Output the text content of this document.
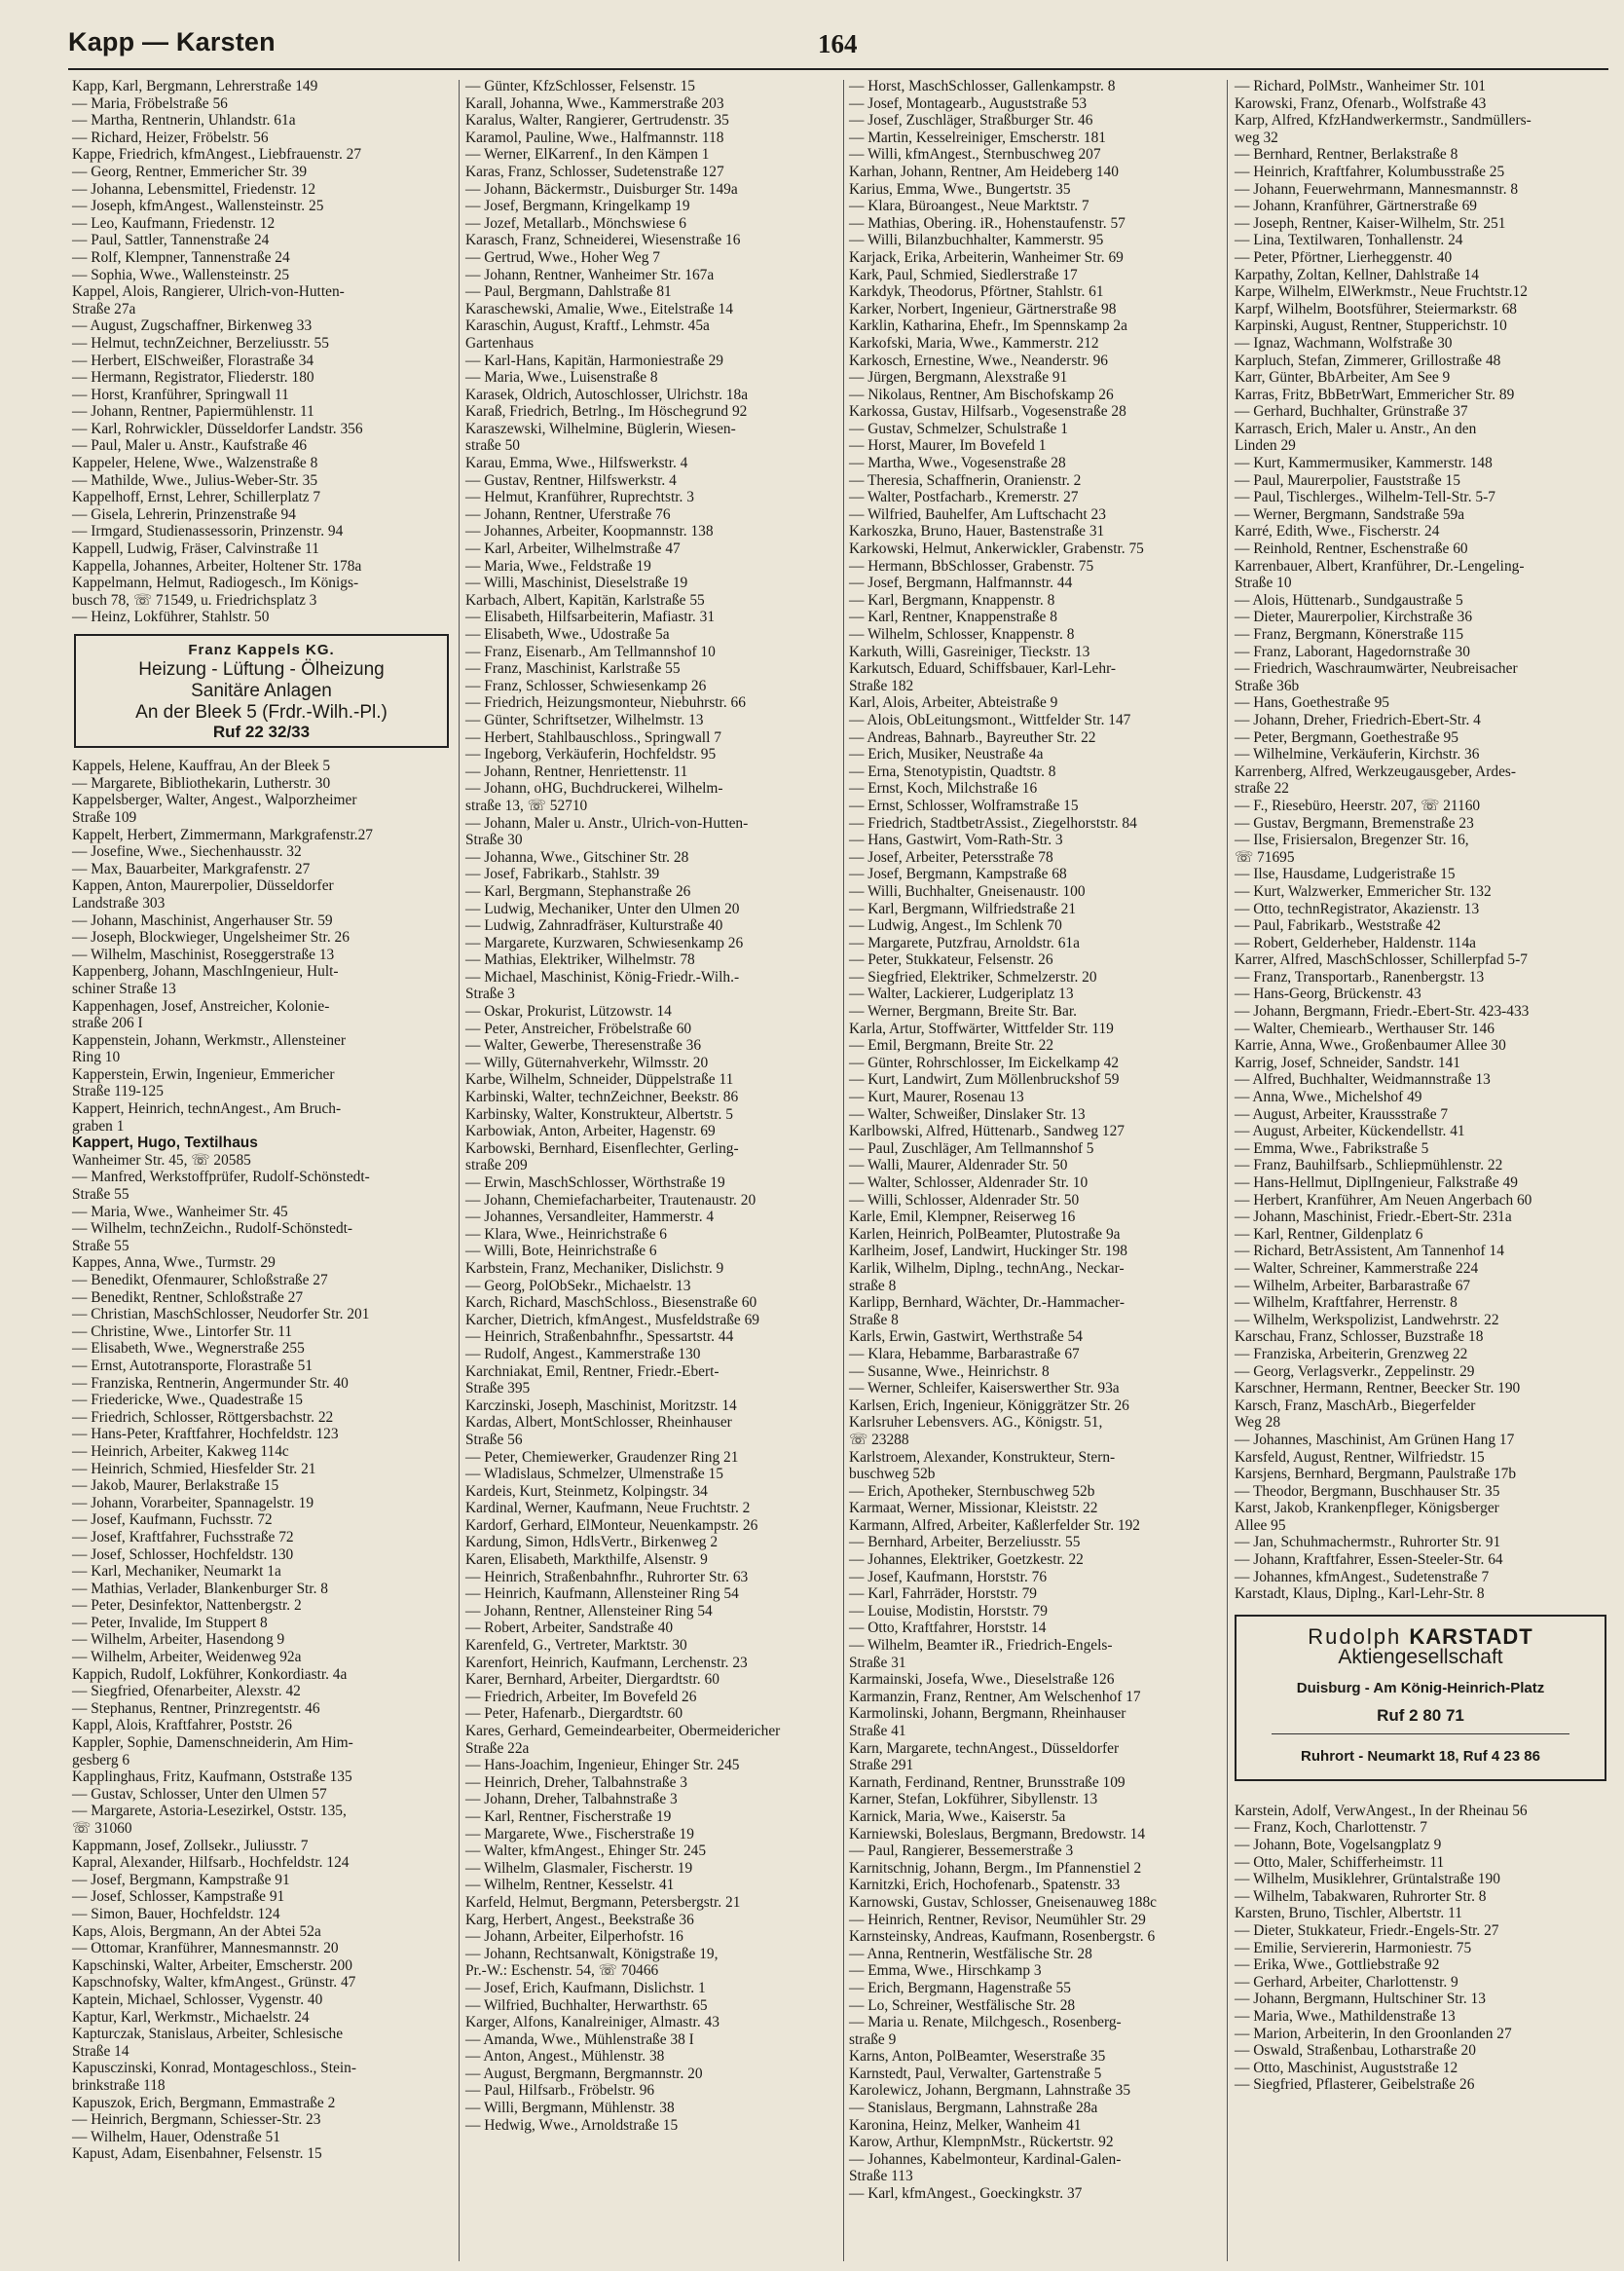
Kapp — Karsten	164
Kapp, Karl, Bergmann, Lehrerstraße 149
— Maria, Fröbelstraße 56
— Martha, Rentnerin, Uhlandstr. 61a
— Richard, Heizer, Fröbelstr. 56
Kappe, Friedrich, kfmAngest., Liebfrauenstr. 27
— Georg, Rentner, Emmericher Str. 39
— Johanna, Lebensmittel, Friedenstr. 12
— Joseph, kfmAngest., Wallensteinstr. 25
— Leo, Kaufmann, Friedenstr. 12
— Paul, Sattler, Tannenstraße 24
— Rolf, Klempner, Tannenstraße 24
— Sophia, Wwe., Wallensteinstr. 25
Kappel, Alois, Rangierer, Ulrich-von-Hutten-
Straße 27a
— August, Zugschaffner, Birkenweg 33
— Helmut, technZeichner, Berzeliusstr. 55
— Herbert, ElSchweißer, Florastraße 34
— Hermann, Registrator, Fliederstr. 180
— Horst, Kranführer, Springwall 11
— Johann, Rentner, Papiermühlenstr. 11
— Karl, Rohrwickler, Düsseldorfer Landstr. 356
— Paul, Maler u. Anstr., Kaufstraße 46
Kappeler, Helene, Wwe., Walzenstraße 8
— Mathilde, Wwe., Julius-Weber-Str. 35
Kappelhoff, Ernst, Lehrer, Schillerplatz 7
— Gisela, Lehrerin, Prinzenstraße 94
— Irmgard, Studienassessorin, Prinzenstr. 94
Kappell, Ludwig, Fräser, Calvinstraße 11
Kappella, Johannes, Arbeiter, Holtener Str. 178a
Kappelmann, Helmut, Radiogesch., Im Königs-
busch 78, ☏ 71549, u. Friedrichsplatz 3
— Heinz, Lokführer, Stahlstr. 50
Franz Kappels KG.
Heizung - Lüftung - Ölheizung
Sanitäre Anlagen
An der Bleek 5 (Frdr.-Wilh.-Pl.)
Ruf 22 32/33
Kappels, Helene, Kauffrau, An der Bleek 5
— Margarete, Bibliothekarin, Lutherstr. 30
Kappelsberger, Walter, Angest., Walporzheimer
Straße 109
Kappelt, Herbert, Zimmermann, Markgrafenstr.27
— Josefine, Wwe., Siechenhausstr. 32
— Max, Bauarbeiter, Markgrafenstr. 27
Kappen, Anton, Maurerpolier, Düsseldorfer
Landstraße 303
— Johann, Maschinist, Angerhauser Str. 59
— Joseph, Blockwieger, Ungelsheimer Str. 26
— Wilhelm, Maschinist, Roseggerstraße 13
Kappenberg, Johann, MaschIngenieur, Hult-
schiner Straße 13
Kappenhagen, Josef, Anstreicher, Kolonie-
straße 206 I
Kappenstein, Johann, Werkmstr., Allensteiner
Ring 10
Kapperstein, Erwin, Ingenieur, Emmericher
Straße 119-125
Kappert, Heinrich, technAngest., Am Bruch-
graben 1
Kappert, Hugo, Textilhaus
Wanheimer Str. 45, ☏ 20585
— Manfred, Werkstoffprüfer, Rudolf-Schönstedt-
Straße 55
— Maria, Wwe., Wanheimer Str. 45
— Wilhelm, technZeichn., Rudolf-Schönstedt-
Straße 55
Kappes, Anna, Wwe., Turmstr. 29
— Benedikt, Ofenmaurer, Schloßstraße 27
— Benedikt, Rentner, Schloßstraße 27
— Christian, MaschSchlosser, Neudorfer Str. 201
— Christine, Wwe., Lintorfer Str. 11
— Elisabeth, Wwe., Wegnerstraße 255
— Ernst, Autotransporte, Florastraße 51
— Franziska, Rentnerin, Angermunder Str. 40
— Friedericke, Wwe., Quadestraße 15
— Friedrich, Schlosser, Röttgersbachstr. 22
— Hans-Peter, Kraftfahrer, Hochfeldstr. 123
— Heinrich, Arbeiter, Kakweg 114c
— Heinrich, Schmied, Hiesfelder Str. 21
— Jakob, Maurer, Berlakstraße 15
— Johann, Vorarbeiter, Spannagelstr. 19
— Josef, Kaufmann, Fuchsstr. 72
— Josef, Kraftfahrer, Fuchsstraße 72
— Josef, Schlosser, Hochfeldstr. 130
— Karl, Mechaniker, Neumarkt 1a
— Mathias, Verlader, Blankenburger Str. 8
— Peter, Desinfektor, Nattenbergstr. 2
— Peter, Invalide, Im Stuppert 8
— Wilhelm, Arbeiter, Hasendong 9
— Wilhelm, Arbeiter, Weidenweg 92a
Kappich, Rudolf, Lokführer, Konkordiastr. 4a
— Siegfried, Ofenarbeiter, Alexstr. 42
— Stephanus, Rentner, Prinzregentstr. 46
Kappl, Alois, Kraftfahrer, Poststr. 26
Kappler, Sophie, Damenschneiderin, Am Him-
gesberg 6
Kapplinghaus, Fritz, Kaufmann, Oststraße 135
— Gustav, Schlosser, Unter den Ulmen 57
— Margarete, Astoria-Lesezirkel, Oststr. 135,
☏ 31060
Kappmann, Josef, Zollsekr., Juliusstr. 7
Kapral, Alexander, Hilfsarb., Hochfeldstr. 124
— Josef, Bergmann, Kampstraße 91
— Josef, Schlosser, Kampstraße 91
— Simon, Bauer, Hochfeldstr. 124
Kaps, Alois, Bergmann, An der Abtei 52a
— Ottomar, Kranführer, Mannesmannstr. 20
Kapschinski, Walter, Arbeiter, Emscherstr. 200
Kapschnofsky, Walter, kfmAngest., Grünstr. 47
Kaptein, Michael, Schlosser, Vygenstr. 40
Kaptur, Karl, Werkmstr., Michaelstr. 24
Kapturczak, Stanislaus, Arbeiter, Schlesische
Straße 14
Kapusczinski, Konrad, Montageschloss., Stein-
brinkstraße 118
Kapuszok, Erich, Bergmann, Emmastraße 2
— Heinrich, Bergmann, Schiesser-Str. 23
— Wilhelm, Hauer, Odenstraße 51
Kapust, Adam, Eisenbahner, Felsenstr. 15
— Günter, KfzSchlosser, Felsenstr. 15
Karall, Johanna, Wwe., Kammerstraße 203
Karalus, Walter, Rangierer, Gertrudenstr. 35
Karamol, Pauline, Wwe., Halfmannstr. 118
— Werner, ElKarrenf., In den Kämpen 1
Karas, Franz, Schlosser, Sudetenstraße 127
— Johann, Bäckermstr., Duisburger Str. 149a
— Josef, Bergmann, Kringelkamp 19
— Jozef, Metallarb., Mönchswiese 6
Karasch, Franz, Schneiderei, Wiesenstraße 16
— Gertrud, Wwe., Hoher Weg 7
— Johann, Rentner, Wanheimer Str. 167a
— Paul, Bergmann, Dahlstraße 81
Karaschewski, Amalie, Wwe., Eitelstraße 14
Karaschin, August, Kraftf., Lehmstr. 45a
Gartenhaus
— Karl-Hans, Kapitän, Harmoniestraße 29
— Maria, Wwe., Luisenstraße 8
Karasek, Oldrich, Autoschlosser, Ulrichstr. 18a
Karaß, Friedrich, Betrlng., Im Höschegrund 92
Karaszewski, Wilhelmine, Büglerin, Wiesen-
straße 50
Karau, Emma, Wwe., Hilfswerkstr. 4
— Gustav, Rentner, Hilfswerkstr. 4
— Helmut, Kranführer, Ruprechtstr. 3
— Johann, Rentner, Uferstraße 76
— Johannes, Arbeiter, Koopmannstr. 138
— Karl, Arbeiter, Wilhelmstraße 47
— Maria, Wwe., Feldstraße 19
— Willi, Maschinist, Dieselstraße 19
Karbach, Albert, Kapitän, Karlstraße 55
— Elisabeth, Hilfsarbeiterin, Mafiastr. 31
— Elisabeth, Wwe., Udostraße 5a
— Franz, Eisenarb., Am Tellmannshof 10
— Franz, Maschinist, Karlstraße 55
— Franz, Schlosser, Schwiesenkamp 26
— Friedrich, Heizungsmonteur, Niebuhrstr. 66
— Günter, Schriftsetzer, Wilhelmstr. 13
— Herbert, Stahlbauschloss., Springwall 7
— Ingeborg, Verkäuferin, Hochfeldstr. 95
— Johann, Rentner, Henriettenstr. 11
— Johann, oHG, Buchdruckerei, Wilhelm-
straße 13, ☏ 52710
— Johann, Maler u. Anstr., Ulrich-von-Hutten-
Straße 30
— Johanna, Wwe., Gitschiner Str. 28
— Josef, Fabrikarb., Stahlstr. 39
— Karl, Bergmann, Stephanstraße 26
— Ludwig, Mechaniker, Unter den Ulmen 20
— Ludwig, Zahnradfräser, Kulturstraße 40
— Margarete, Kurzwaren, Schwiesenkamp 26
— Mathias, Elektriker, Wilhelmstr. 78
— Michael, Maschinist, König-Friedr.-Wilh.-
Straße 3
— Oskar, Prokurist, Lützowstr. 14
— Peter, Anstreicher, Fröbelstraße 60
— Walter, Gewerbe, Theresenstraße 36
— Willy, Güternahverkehr, Wilmsstr. 20
Karbe, Wilhelm, Schneider, Düppelstraße 11
Karbinski, Walter, technZeichner, Beekstr. 86
Karbinsky, Walter, Konstrukteur, Albertstr. 5
Karbowiak, Anton, Arbeiter, Hagenstr. 69
Karbowski, Bernhard, Eisenflechter, Gerling-
straße 209
— Erwin, MaschSchlosser, Wörthstraße 19
— Johann, Chemiefacharbeiter, Trautenaustr. 20
— Johannes, Versandleiter, Hammerstr. 4
— Klara, Wwe., Heinrichstraße 6
— Willi, Bote, Heinrichstraße 6
Karbstein, Franz, Mechaniker, Dislichstr. 9
— Georg, PolObSekr., Michaelstr. 13
Karch, Richard, MaschSchloss., Biesenstraße 60
Karcher, Dietrich, kfmAngest., Musfeldstraße 69
— Heinrich, Straßenbahnfhr., Spessartstr. 44
— Rudolf, Angest., Kammerstraße 130
Karchniakat, Emil, Rentner, Friedr.-Ebert-
Straße 395
Karczinski, Joseph, Maschinist, Moritzstr. 14
Kardas, Albert, MontSchlosser, Rheinhauser
Straße 56
— Peter, Chemiewerker, Graudenzer Ring 21
— Wladislaus, Schmelzer, Ulmenstraße 15
Kardeis, Kurt, Steinmetz, Kolpingstr. 34
Kardinal, Werner, Kaufmann, Neue Fruchtstr. 2
Kardorf, Gerhard, ElMonteur, Neuenkampstr. 26
Kardung, Simon, HdlsVertr., Birkenweg 2
Karen, Elisabeth, Markthilfe, Alsenstr. 9
— Heinrich, Straßenbahnfhr., Ruhrorter Str. 63
— Heinrich, Kaufmann, Allensteiner Ring 54
— Johann, Rentner, Allensteiner Ring 54
— Robert, Arbeiter, Sandstraße 40
Karenfeld, G., Vertreter, Marktstr. 30
Karenfort, Heinrich, Kaufmann, Lerchenstr. 23
Karer, Bernhard, Arbeiter, Diergardtstr. 60
— Friedrich, Arbeiter, Im Bovefeld 26
— Peter, Hafenarb., Diergardtstr. 60
Kares, Gerhard, Gemeindearbeiter, Obermeidericher
Straße 22a
— Hans-Joachim, Ingenieur, Ehinger Str. 245
— Heinrich, Dreher, Talbahnstraße 3
— Johann, Dreher, Talbahnstraße 3
— Karl, Rentner, Fischerstraße 19
— Margarete, Wwe., Fischerstraße 19
— Walter, kfmAngest., Ehinger Str. 245
— Wilhelm, Glasmaler, Fischerstr. 19
— Wilhelm, Rentner, Kesselstr. 41
Karfeld, Helmut, Bergmann, Petersbergstr. 21
Karg, Herbert, Angest., Beekstraße 36
— Johann, Arbeiter, Eilperhofstr. 16
— Johann, Rechtsanwalt, Königstraße 19,
Pr.-W.: Eschenstr. 54, ☏ 70466
— Josef, Erich, Kaufmann, Dislichstr. 1
— Wilfried, Buchhalter, Herwarthstr. 65
Karger, Alfons, Kanalreiniger, Almastr. 43
— Amanda, Wwe., Mühlenstraße 38 I
— Anton, Angest., Mühlenstr. 38
— August, Bergmann, Bergmannstr. 20
— Paul, Hilfsarb., Fröbelstr. 96
— Willi, Bergmann, Mühlenstr. 38
— Hedwig, Wwe., Arnoldstraße 15
— Horst, MaschSchlosser, Gallenkampstr. 8
— Josef, Montagearb., Auguststraße 53
— Josef, Zuschläger, Straßburger Str. 46
— Martin, Kesselreiniger, Emscherstr. 181
— Willi, kfmAngest., Sternbuschweg 207
Karhan, Johann, Rentner, Am Heideberg 140
Karius, Emma, Wwe., Bungertstr. 35
— Klara, Büroangest., Neue Marktstr. 7
— Mathias, Obering. iR., Hohenstaufenstr. 57
— Willi, Bilanzbuchhalter, Kammerstr. 95
Karjack, Erika, Arbeiterin, Wanheimer Str. 69
Kark, Paul, Schmied, Siedlerstraße 17
Karkdyk, Theodorus, Pförtner, Stahlstr. 61
Karker, Norbert, Ingenieur, Gärtnerstraße 98
Karklin, Katharina, Ehefr., Im Spennskamp 2a
Karkofski, Maria, Wwe., Kammerstr. 212
Karkosch, Ernestine, Wwe., Neanderstr. 96
— Jürgen, Bergmann, Alexstraße 91
— Nikolaus, Rentner, Am Bischofskamp 26
Karkossa, Gustav, Hilfsarb., Vogesenstraße 28
— Gustav, Schmelzer, Schulstraße 1
— Horst, Maurer, Im Bovefeld 1
— Martha, Wwe., Vogesenstraße 28
— Theresia, Schaffnerin, Oranienstr. 2
— Walter, Postfacharb., Kremerstr. 27
— Wilfried, Bauhelfer, Am Luftschacht 23
Karkoszka, Bruno, Hauer, Bastenstraße 31
Karkowski, Helmut, Ankerwickler, Grabenstr. 75
— Hermann, BbSchlosser, Grabenstr. 75
— Josef, Bergmann, Halfmannstr. 44
— Karl, Bergmann, Knappenstr. 8
— Karl, Rentner, Knappenstraße 8
— Wilhelm, Schlosser, Knappenstr. 8
Karkuth, Willi, Gasreiniger, Tieckstr. 13
Karkutsch, Eduard, Schiffsbauer, Karl-Lehr-
Straße 182
Karl, Alois, Arbeiter, Abteistraße 9
— Alois, ObLeitungsmont., Wittfelder Str. 147
— Andreas, Bahnarb., Bayreuther Str. 22
— Erich, Musiker, Neustraße 4a
— Erna, Stenotypistin, Quadtstr. 8
— Ernst, Koch, Milchstraße 16
— Ernst, Schlosser, Wolframstraße 15
— Friedrich, StadtbetrAssist., Ziegelhorststr. 84
— Hans, Gastwirt, Vom-Rath-Str. 3
— Josef, Arbeiter, Petersstraße 78
— Josef, Bergmann, Kampstraße 68
— Willi, Buchhalter, Gneisenaustr. 100
— Karl, Bergmann, Wilfriedstraße 21
— Ludwig, Angest., Im Schlenk 70
— Margarete, Putzfrau, Arnoldstr. 61a
— Peter, Stukkateur, Felsenstr. 26
— Siegfried, Elektriker, Schmelzerstr. 20
— Walter, Lackierer, Ludgeriplatz 13
— Werner, Bergmann, Breite Str. Bar.
Karla, Artur, Stoffwärter, Wittfelder Str. 119
— Emil, Bergmann, Breite Str. 22
— Günter, Rohrschlosser, Im Eickelkamp 42
— Kurt, Landwirt, Zum Möllenbruckshof 59
— Kurt, Maurer, Rosenau 13
— Walter, Schweißer, Dinslaker Str. 13
Karlbowski, Alfred, Hüttenarb., Sandweg 127
— Paul, Zuschläger, Am Tellmannshof 5
— Walli, Maurer, Aldenrader Str. 50
— Walter, Schlosser, Aldenrader Str. 10
— Willi, Schlosser, Aldenrader Str. 50
Karle, Emil, Klempner, Reiserweg 16
Karlen, Heinrich, PolBeamter, Plutostraße 9a
Karlheim, Josef, Landwirt, Huckinger Str. 198
Karlik, Wilhelm, Diplng., technAng., Neckar-
straße 8
Karlipp, Bernhard, Wächter, Dr.-Hammacher-
Straße 8
Karls, Erwin, Gastwirt, Werthstraße 54
— Klara, Hebamme, Barbarastraße 67
— Susanne, Wwe., Heinrichstr. 8
— Werner, Schleifer, Kaiserswerther Str. 93a
Karlsen, Erich, Ingenieur, Königgrätzer Str. 26
Karlsruher Lebensvers. AG., Königstr. 51,
☏ 23288
Karlstroem, Alexander, Konstrukteur, Stern-
buschweg 52b
— Erich, Apotheker, Sternbuschweg 52b
Karmaat, Werner, Missionar, Kleiststr. 22
Karmann, Alfred, Arbeiter, Kaßlerfelder Str. 192
— Bernhard, Arbeiter, Berzeliusstr. 55
— Johannes, Elektriker, Goetzkestr. 22
— Josef, Kaufmann, Horststr. 76
— Karl, Fahrräder, Horststr. 79
— Louise, Modistin, Horststr. 79
— Otto, Kraftfahrer, Horststr. 14
— Wilhelm, Beamter iR., Friedrich-Engels-
Straße 31
Karmainski, Josefa, Wwe., Dieselstraße 126
Karmanzin, Franz, Rentner, Am Welschenhof 17
Karmolinski, Johann, Bergmann, Rheinhauser
Straße 41
Karn, Margarete, technAngest., Düsseldorfer
Straße 291
Karnath, Ferdinand, Rentner, Brunsstraße 109
Karner, Stefan, Lokführer, Sibyllenstr. 13
Karnick, Maria, Wwe., Kaiserstr. 5a
Karniewski, Boleslaus, Bergmann, Bredowstr. 14
— Paul, Rangierer, Bessemerstraße 3
Karnitschnig, Johann, Bergm., Im Pfannenstiel 2
Karnitzki, Erich, Hochofenarb., Spatenstr. 33
Karnowski, Gustav, Schlosser, Gneisenauweg 188c
— Heinrich, Rentner, Revisor, Neumühler Str. 29
Karnsteinsky, Andreas, Kaufmann, Rosenbergstr. 6
— Anna, Rentnerin, Westfälische Str. 28
— Emma, Wwe., Hirschkamp 3
— Erich, Bergmann, Hagenstraße 55
— Lo, Schreiner, Westfälische Str. 28
— Maria u. Renate, Milchgesch., Rosenberg-
straße 9
Karns, Anton, PolBeamter, Weserstraße 35
Karnstedt, Paul, Verwalter, Gartenstraße 5
Karolewicz, Johann, Bergmann, Lahnstraße 35
— Stanislaus, Bergmann, Lahnstraße 28a
Karonina, Heinz, Melker, Wanheim 41
Karow, Arthur, KlempnMstr., Rückertstr. 92
— Johannes, Kabelmonteur, Kardinal-Galen-
Straße 113
— Karl, kfmAngest., Goeckingkstr. 37
— Richard, PolMstr., Wanheimer Str. 101
Karowski, Franz, Ofenarb., Wolfstraße 43
Karp, Alfred, KfzHandwerkermstr., Sandmüllers-
weg 32
— Bernhard, Rentner, Berlakstraße 8
— Heinrich, Kraftfahrer, Kolumbusstraße 25
— Johann, Feuerwehrmann, Mannesmannstr. 8
— Johann, Kranführer, Gärtnerstraße 69
— Joseph, Rentner, Kaiser-Wilhelm, Str. 251
— Lina, Textilwaren, Tonhallenstr. 24
— Peter, Pförtner, Lierheggenstr. 40
Karpathy, Zoltan, Kellner, Dahlstraße 14
Karpe, Wilhelm, ElWerkmstr., Neue Fruchtstr.12
Karpf, Wilhelm, Bootsführer, Steiermarkstr. 68
Karpinski, August, Rentner, Stupperichstr. 10
— Ignaz, Wachmann, Wolfstraße 30
Karpluch, Stefan, Zimmerer, Grillostraße 48
Karr, Günter, BbArbeiter, Am See 9
Karras, Fritz, BbBetrWart, Emmericher Str. 89
— Gerhard, Buchhalter, Grünstraße 37
Karrasch, Erich, Maler u. Anstr., An den
Linden 29
— Kurt, Kammermusiker, Kammerstr. 148
— Paul, Maurerpolier, Fauststraße 15
— Paul, Tischlerges., Wilhelm-Tell-Str. 5-7
— Werner, Bergmann, Sandstraße 59a
Karré, Edith, Wwe., Fischerstr. 24
— Reinhold, Rentner, Eschenstraße 60
Karrenbauer, Albert, Kranführer, Dr.-Lengeling-
Straße 10
— Alois, Hüttenarb., Sundgaustraße 5
— Dieter, Maurerpolier, Kirchstraße 36
— Franz, Bergmann, Könerstraße 115
— Franz, Laborant, Hagedornstraße 30
— Friedrich, Waschraumwärter, Neubreisacher
Straße 36b
— Hans, Goethestraße 95
— Johann, Dreher, Friedrich-Ebert-Str. 4
— Peter, Bergmann, Goethestraße 95
— Wilhelmine, Verkäuferin, Kirchstr. 36
Karrenberg, Alfred, Werkzeugausgeber, Ardes-
straße 22
— F., Riesebüro, Heerstr. 207, ☏ 21160
— Gustav, Bergmann, Bremenstraße 23
— Ilse, Frisiersalon, Bregenzer Str. 16,
☏ 71695
— Ilse, Hausdame, Ludgeristraße 15
— Kurt, Walzwerker, Emmericher Str. 132
— Otto, technRegistrator, Akazienstr. 13
— Paul, Fabrikarb., Weststraße 42
— Robert, Gelderheber, Haldenstr. 114a
Karrer, Alfred, MaschSchlosser, Schillerpfad 5-7
— Franz, Transportarb., Ranenbergstr. 13
— Hans-Georg, Brückenstr. 43
— Johann, Bergmann, Friedr.-Ebert-Str. 423-433
— Walter, Chemiearb., Werthauser Str. 146
Karrie, Anna, Wwe., Großenbaumer Allee 30
Karrig, Josef, Schneider, Sandstr. 141
— Alfred, Buchhalter, Weidmannstraße 13
— Anna, Wwe., Michelshof 49
— August, Arbeiter, Kraussstraße 7
— August, Arbeiter, Kückendellstr. 41
— Emma, Wwe., Fabrikstraße 5
— Franz, Bauhilfsarb., Schliepmühlenstr. 22
— Hans-Hellmut, DiplIngenieur, Falkstraße 49
— Herbert, Kranführer, Am Neuen Angerbach 60
— Johann, Maschinist, Friedr.-Ebert-Str. 231a
— Karl, Rentner, Gildenplatz 6
— Richard, BetrAssistent, Am Tannenhof 14
— Walter, Schreiner, Kammerstraße 224
— Wilhelm, Arbeiter, Barbarastraße 67
— Wilhelm, Kraftfahrer, Herrenstr. 8
— Wilhelm, Werkspolizist, Landwehrstr. 22
Karschau, Franz, Schlosser, Buzstraße 18
— Franziska, Arbeiterin, Grenzweg 22
— Georg, Verlagsverkr., Zeppelinstr. 29
Karschner, Hermann, Rentner, Beecker Str. 190
Karsch, Franz, MaschArb., Biegerfelder
Weg 28
— Johannes, Maschinist, Am Grünen Hang 17
Karsfeld, August, Rentner, Wilfriedstr. 15
Karsjens, Bernhard, Bergmann, Paulstraße 17b
— Theodor, Bergmann, Buschhauser Str. 35
Karst, Jakob, Krankenpfleger, Königsberger
Allee 95
— Jan, Schuhmachermstr., Ruhrorter Str. 91
— Johann, Kraftfahrer, Essen-Steeler-Str. 64
— Johannes, kfmAngest., Sudetenstraße 7
Karstadt, Klaus, Diplng., Karl-Lehr-Str. 8
Rudolph KARSTADT
Aktiengesellschaft
Duisburg - Am König-Heinrich-Platz
Ruf 2 80 71
Ruhrort - Neumarkt 18, Ruf 4 23 86
Karstein, Adolf, VerwAngest., In der Rheinau 56
— Franz, Koch, Charlottenstr. 7
— Johann, Bote, Vogelsangplatz 9
— Otto, Maler, Schifferheimstr. 11
— Wilhelm, Musiklehrer, Grüntalstraße 190
— Wilhelm, Tabakwaren, Ruhrorter Str. 8
Karsten, Bruno, Tischler, Albertstr. 11
— Dieter, Stukkateur, Friedr.-Engels-Str. 27
— Emilie, Serviererin, Harmoniestr. 75
— Erika, Wwe., Gottliebstraße 92
— Gerhard, Arbeiter, Charlottenstr. 9
— Johann, Bergmann, Hultschiner Str. 13
— Maria, Wwe., Mathildenstraße 13
— Marion, Arbeiterin, In den Groonlanden 27
— Oswald, Straßenbau, Lotharstraße 20
— Otto, Maschinist, Auguststraße 12
— Siegfried, Pflasterer, Geibelstraße 26
